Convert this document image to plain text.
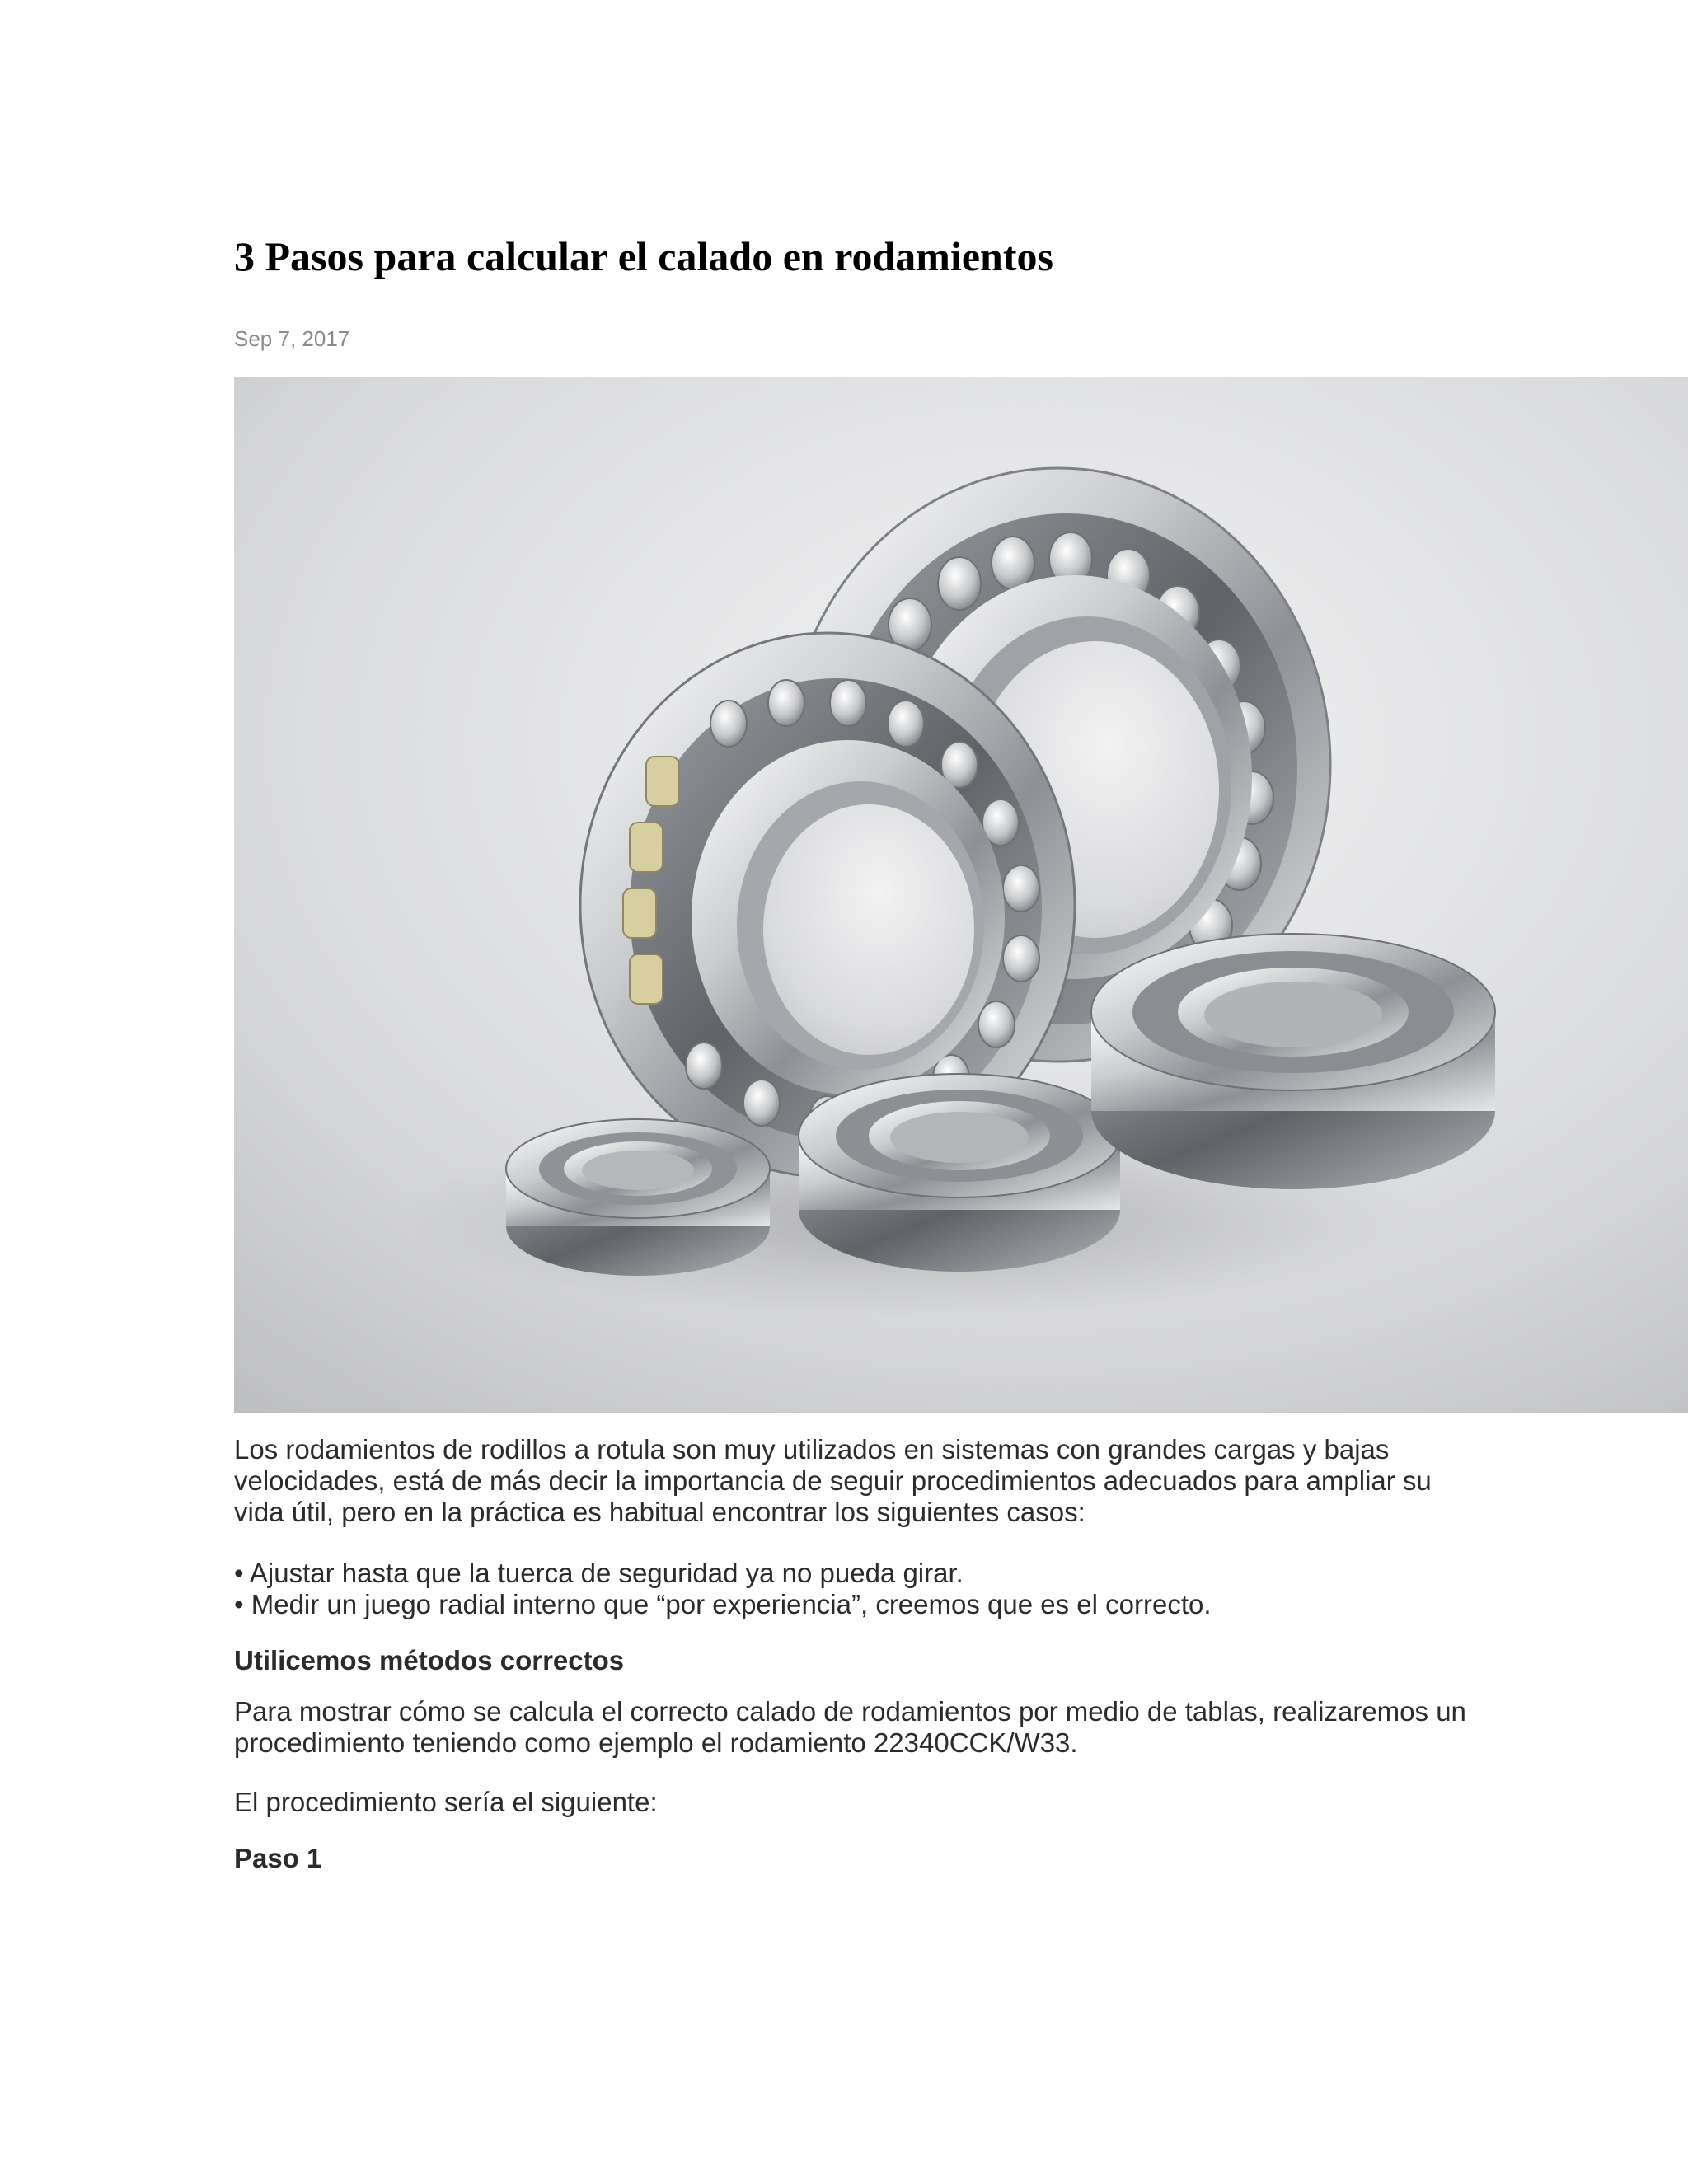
3 Pasos para calcular el calado en rodamientos
Sep 7, 2017

Los rodamientos de rodillos a rotula son muy utilizados en sistemas con grandes cargas y bajas velocidades, está de más decir la importancia de seguir procedimientos adecuados para ampliar su vida útil, pero en la práctica es habitual encontrar los siguientes casos:

• Ajustar hasta que la tuerca de seguridad ya no pueda girar.
• Medir un juego radial interno que “por experiencia”, creemos que es el correcto.
Utilicemos métodos correctos

Para mostrar cómo se calcula el correcto calado de rodamientos por medio de tablas, realizaremos un procedimiento teniendo como ejemplo el rodamiento 22340CCK/W33.

El procedimiento sería el siguiente:

Paso 1
